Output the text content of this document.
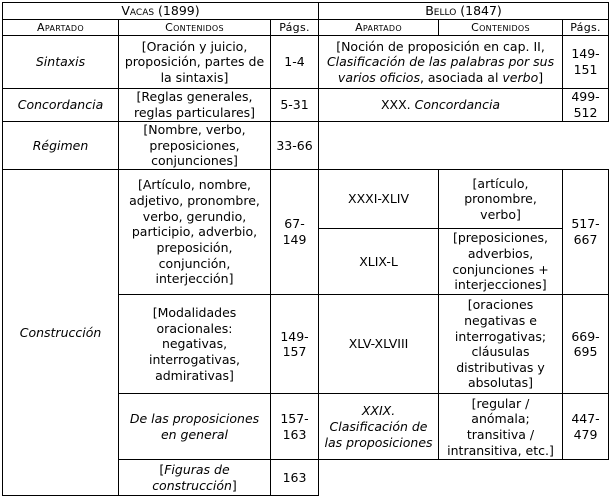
Vacas (1899)			Bello (1847)		
Apartado	Contenidos	Págs.	Apartado	Contenidos	Págs.
Sintaxis	[Oración y juicio, proposición, partes de la sintaxis]	1-4	[Noción de proposición en cap. II, Clasificación de las palabras por sus varios oficios, asociada al verbo]		149-151
Concordancia	[Reglas generales, reglas particulares]	5-31	XXX. Concordancia		499-512
Régimen	[Nombre, verbo, preposiciones, conjunciones]	33-66			
Construcción	[Artículo, nombre, adjetivo, pronombre, verbo, gerundio, participio, adverbio, preposición, conjunción, interjección]	67-149	XXXI-XLIV	[artículo, pronombre, verbo]	517-667
			XLIX-L	[preposiciones, adverbios, conjunciones + interjecciones]	
	[Modalidades oracionales: negativas, interrogativas, admirativas]	149-157	XLV-XLVIII	[oraciones negativas e interrogativas; cláusulas distributivas y absolutas]	669-695
	De las proposiciones en general	157-163	XXIX. Clasificación de las proposiciones	[regular / anómala; transitiva / intransitiva, etc.]	447-479
	[Figuras de construcción]	163			
